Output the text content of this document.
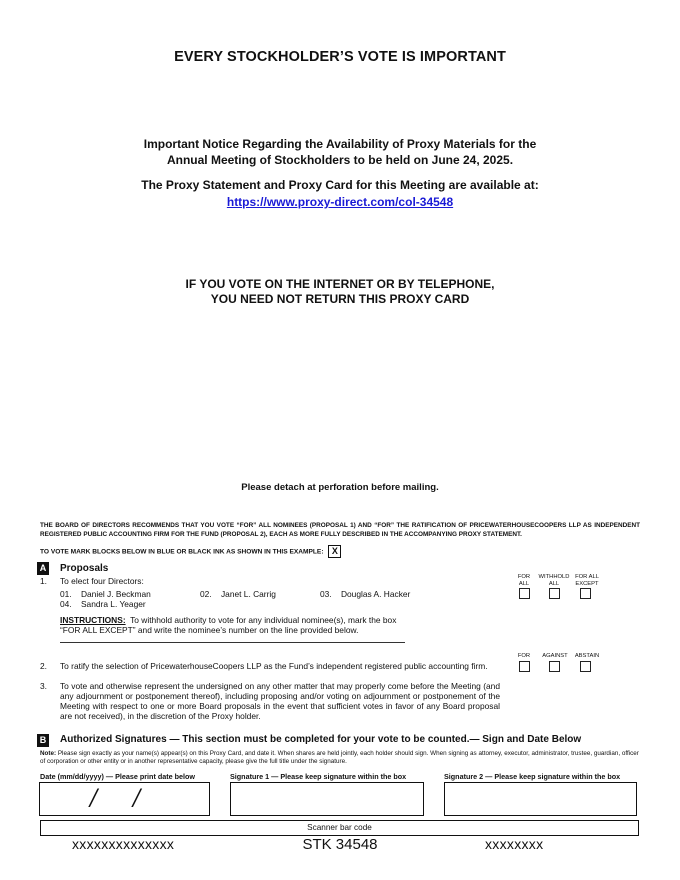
EVERY STOCKHOLDER’S VOTE IS IMPORTANT
Important Notice Regarding the Availability of Proxy Materials for the
Annual Meeting of Stockholders to be held on June 24, 2025.
The Proxy Statement and Proxy Card for this Meeting are available at:
https://www.proxy-direct.com/col-34548
IF YOU VOTE ON THE INTERNET OR BY TELEPHONE,
YOU NEED NOT RETURN THIS PROXY CARD
Please detach at perforation before mailing.
THE BOARD OF DIRECTORS RECOMMENDS THAT YOU VOTE “FOR” ALL NOMINEES (PROPOSAL 1) AND “FOR” THE RATIFICATION OF PRICEWATERHOUSECOOPERS LLP AS INDEPENDENT REGISTERED PUBLIC ACCOUNTING FIRM FOR THE FUND (PROPOSAL 2), EACH AS MORE FULLY DESCRIBED IN THE ACCOMPANYING PROXY STATEMENT.
TO VOTE MARK BLOCKS BELOW IN BLUE OR BLACK INK AS SHOWN IN THIS EXAMPLE: X
A Proposals
1. To elect four Directors:
01. Daniel J. Beckman	02. Janet L. Carrig	03. Douglas A. Hacker
04. Sandra L. Yeager
FOR
ALL
WITHHOLD
ALL
FOR ALL
EXCEPT
INSTRUCTIONS: To withhold authority to vote for any individual nominee(s), mark the box
“FOR ALL EXCEPT” and write the nominee’s number on the line provided below.
FOR	AGAINST	ABSTAIN
2. To ratify the selection of PricewaterhouseCoopers LLP as the Fund’s independent registered public accounting firm.
3. To vote and otherwise represent the undersigned on any other matter that may properly come before the Meeting (and any adjournment or postponement thereof), including proposing and/or voting on adjournment or postponement of the Meeting with respect to one or more Board proposals in the event that sufficient votes in favor of any Board proposal are not received), in the discretion of the Proxy holder.
B Authorized Signatures — This section must be completed for your vote to be counted.— Sign and Date Below
Note: Please sign exactly as your name(s) appear(s) on this Proxy Card, and date it. When shares are held jointly, each holder should sign. When signing as attorney, executor, administrator, trustee, guardian, officer of corporation or other entity or in another representative capacity, please give the full title under the signature.
Date (mm/dd/yyyy) — Please print date below	Signature 1 — Please keep signature within the box	Signature 2 — Please keep signature within the box
/ /
Scanner bar code
xxxxxxxxxxxxxx	STK 34548	xxxxxxxx
